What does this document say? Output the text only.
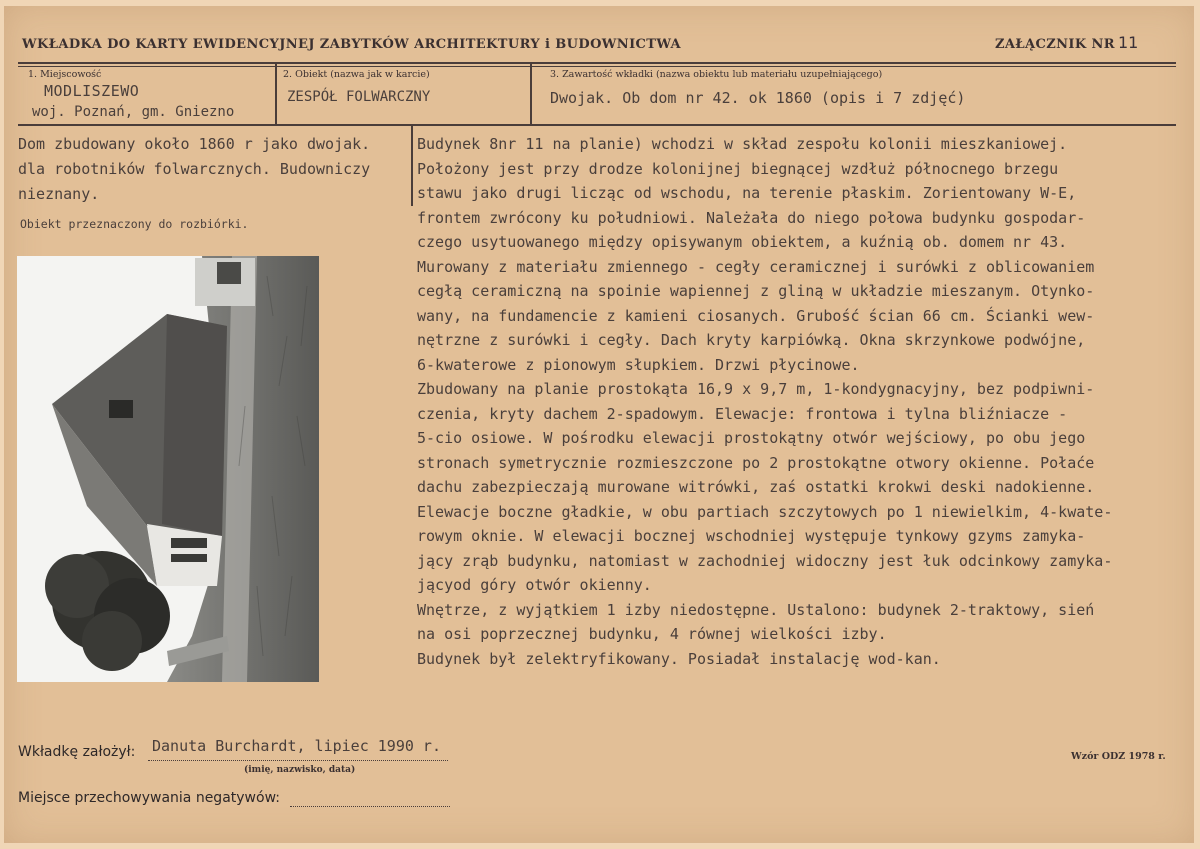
WKŁADKA DO KARTY EWIDENCYJNEJ ZABYTKÓW ARCHITEKTURY i BUDOWNICTWA	ZAŁĄCZNIK NR 11
1. Miejscowość
MODLISZEWO
woj. Poznań, gm. Gniezno
2. Obiekt (nazwa jak w karcie)
ZESPÓŁ FOLWARCZNY
3. Zawartość wkładki (nazwa obiektu lub materiału uzupełniającego)
Dwojak. Ob dom nr 42. ok 1860 (opis i 7 zdjęć)
Dom zbudowany około 1860 r jako dwojak.
dla robotników folwarcznych. Budowniczy
nieznany.
Obiekt przeznaczony do rozbiórki.
Budynek 8nr 11 na planie) wchodzi w skład zespołu kolonii mieszkaniowej.
Położony jest przy drodze kolonijnej biegnącej wzdłuż północnego brzegu
stawu jako drugi licząc od wschodu, na terenie płaskim. Zorientowany W-E,
frontem zwrócony ku południowi. Należała do niego połowa budynku gospodar-
czego usytuowanego między opisywanym obiektem, a kuźnią ob. domem nr 43.
Murowany z materiału zmiennego - cegły ceramicznej i surówki z oblicowaniem
cegłą ceramiczną na spoinie wapiennej z gliną w układzie mieszanym. Otynko-
wany, na fundamencie z kamieni ciosanych. Grubość ścian 66 cm. Ścianki wew-
nętrzne z surówki i cegły. Dach kryty karpiówką. Okna skrzynkowe podwójne,
6-kwaterowe z pionowym słupkiem. Drzwi płycinowe.
Zbudowany na planie prostokąta 16,9 x 9,7 m, 1-kondygnacyjny, bez podpiwni-
czenia, kryty dachem 2-spadowym. Elewacje: frontowa i tylna bliźniacze -
5-cio osiowe. W pośrodku elewacji prostokątny otwór wejściowy, po obu jego
stronach symetrycznie rozmieszczone po 2 prostokątne otwory okienne. Połaće
dachu zabezpieczają murowane witrówki, zaś ostatki krokwi deski nadokienne.
Elewacje boczne gładkie, w obu partiach szczytowych po 1 niewielkim, 4-kwate-
rowym oknie. W elewacji bocznej wschodniej występuje tynkowy gzyms zamyka-
jący zrąb budynku, natomiast w zachodniej widoczny jest łuk odcinkowy zamyka-
jącyod góry otwór okienny.
Wnętrze, z wyjątkiem 1 izby niedostępne. Ustalono: budynek 2-traktowy, sień
na osi poprzecznej budynku, 4 równej wielkości izby.
Budynek był zelektryfikowany. Posiadał instalację wod-kan.
Wkładkę założył: Danuta Burchardt, lipiec 1990 r.
(imię, nazwisko, data)
Miejsce przechowywania negatywów:
Wzór ODZ 1978 r.
